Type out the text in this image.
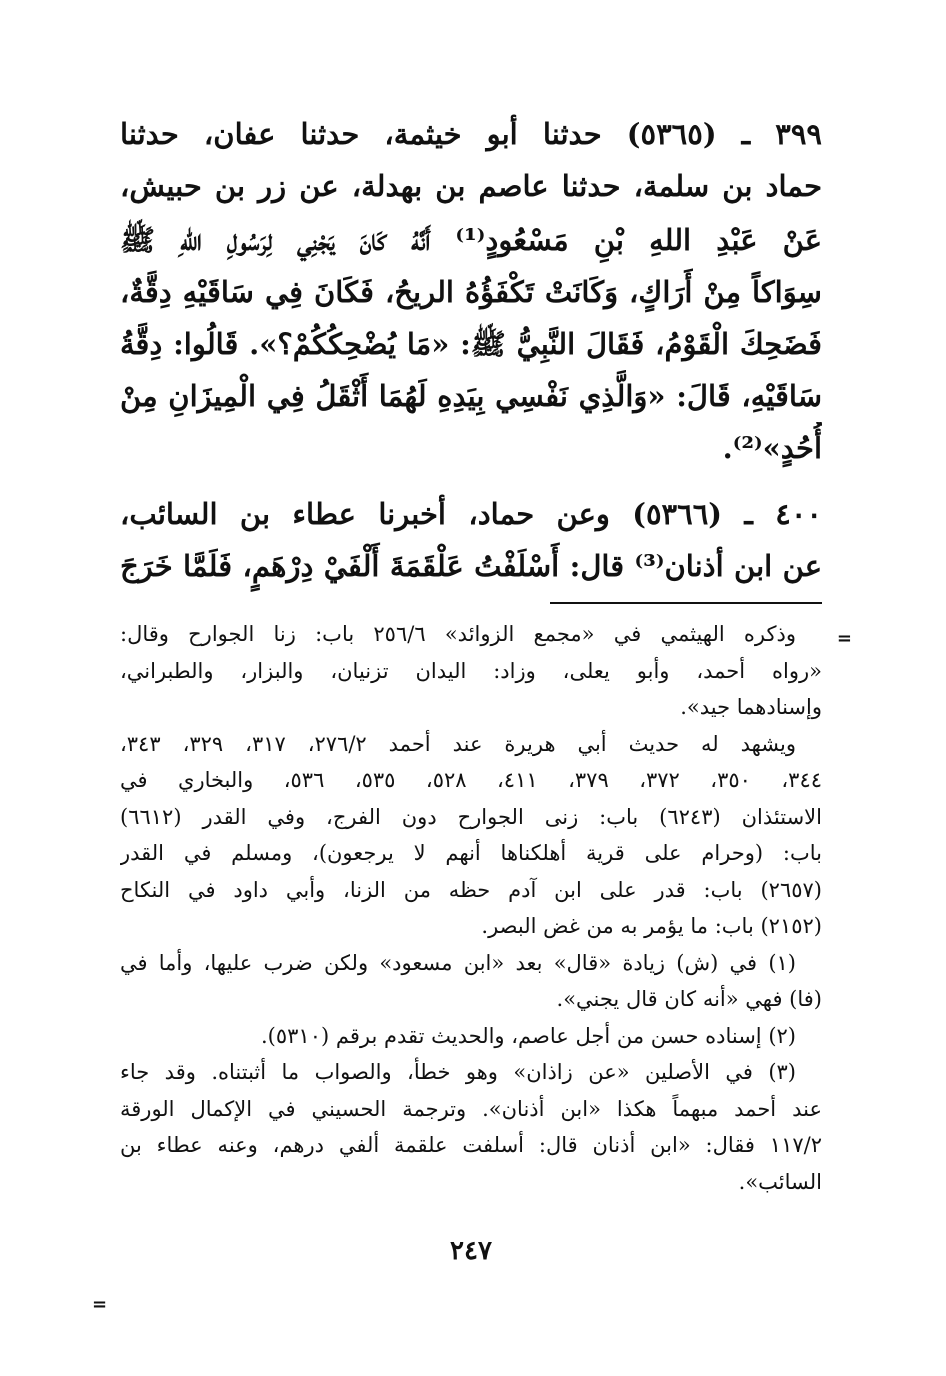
٣٩٩ ـ (٥٣٦٥) حدثنا أبو خيثمة، حدثنا عفان، حدثنا
حماد بن سلمة، حدثنا عاصم بن بهدلة، عن زر بن حبيش،
عَنْ عَبْدِ اللهِ بْنِ مَسْعُودٍ⁽¹⁾ أَنَّهُ كَانَ يَجْنِي لِرَسُولِ اللهِ ﷺ
سِوَاكاً مِنْ أَرَاكٍ، وَكَانَتْ تَكْفَؤُهُ الريحُ، فَكَانَ فِي سَاقَيْهِ دِقَّةٌ،
فَضَحِكَ الْقَوْمُ، فَقَالَ النَّبِيُّ ﷺ: «مَا يُضْحِكُكُمْ؟». قَالُوا: دِقَّةُ
سَاقَيْهِ، قَالَ: «وَالَّذِي نَفْسِي بِيَدِهِ لَهُمَا أَثْقَلُ فِي الْمِيزَانِ مِنْ
أُحُدٍ»⁽²⁾.
٤٠٠ ـ (٥٣٦٦) وعن حماد، أخبرنا عطاء بن السائب،
عن ابن أذنان⁽³⁾ قال: أَسْلَفْتُ عَلْقَمَةَ أَلْفَيْ دِرْهَمٍ، فَلَمَّا خَرَجَ
=
وذكره الهيثمي في «مجمع الزوائد» ٢٥٦/٦ باب: زنا الجوارح وقال:
«رواه أحمد، وأبو يعلى، وزاد: اليدان تزنيان، والبزار، والطبراني،
وإسنادهما جيد».
ويشهد له حديث أبي هريرة عند أحمد ٢٧٦/٢، ٣١٧، ٣٢٩، ٣٤٣،
٣٤٤، ٣٥٠، ٣٧٢، ٣٧٩، ٤١١، ٥٢٨، ٥٣٥، ٥٣٦، والبخاري في
الاستئذان (٦٢٤٣) باب: زنى الجوارح دون الفرج، وفي القدر (٦٦١٢)
باب: (وحرام على قرية أهلكناها أنهم لا يرجعون)، ومسلم في القدر
(٢٦٥٧) باب: قدر على ابن آدم حظه من الزنا، وأبي داود في النكاح
(٢١٥٢) باب: ما يؤمر به من غض البصر.
(١) في (ش) زيادة «قال» بعد «ابن مسعود» ولكن ضرب عليها، وأما في
(فا) فهي «أنه كان قال يجني».
(٢) إسناده حسن من أجل عاصم، والحديث تقدم برقم (٥٣١٠).
(٣) في الأصلين «عن زاذان» وهو خطأ، والصواب ما أثبتناه. وقد جاء
عند أحمد مبهماً هكذا «ابن أذنان». وترجمة الحسيني في الإكمال الورقة
١١٧/٢ فقال: «ابن أذنان قال: أسلفت علقمة ألفي درهم، وعنه عطاء بن
السائب».
=
٢٤٧
